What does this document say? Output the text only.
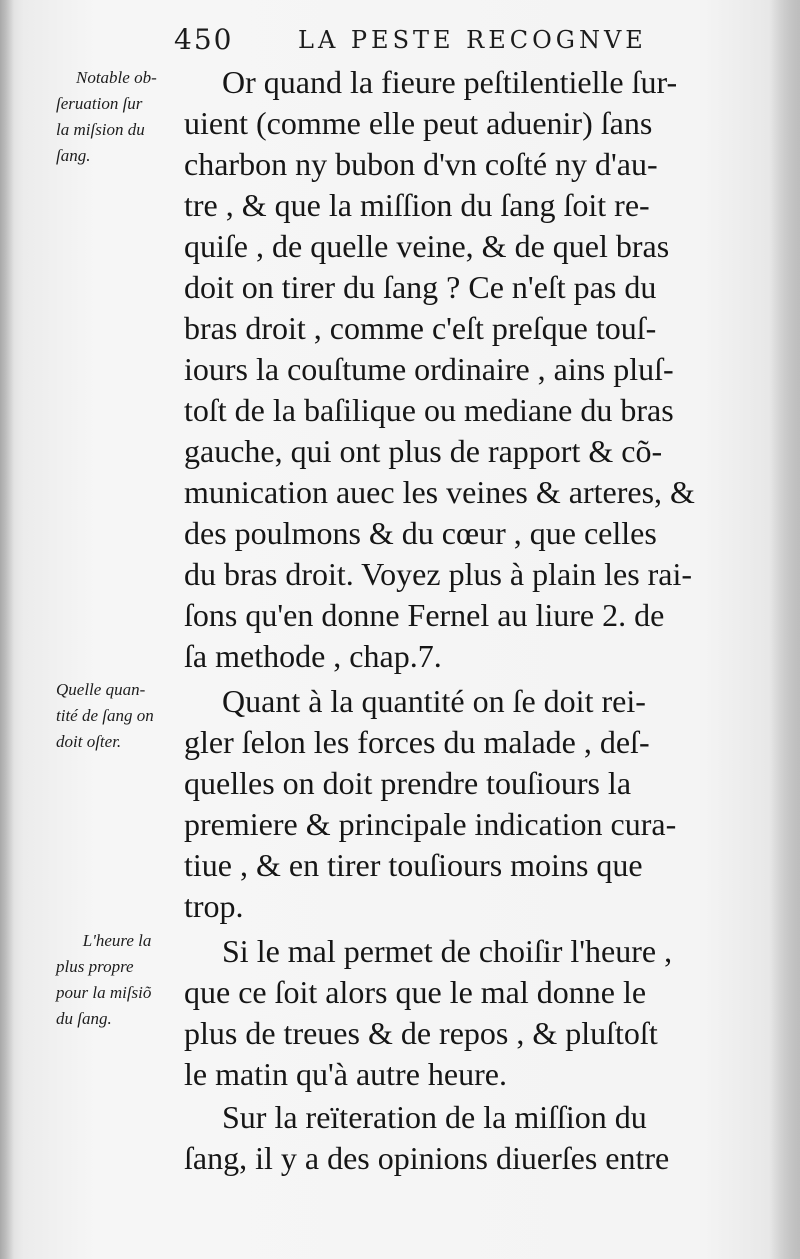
450	LA PESTE RECOGNVE
Notable ob-
ſeruation ſur
la miſsion du
ſang.
Quelle quan-
tité de ſang on
doit oſter.
L'heure la
plus propre
pour la miſsiõ
du ſang.
Or quand la fieure peſtilentielle ſur-
uient (comme elle peut aduenir) ſans
charbon ny bubon d'vn coſté ny d'au-
tre , & que la miſſion du ſang ſoit re-
quiſe , de quelle veine, & de quel bras
doit on tirer du ſang ? Ce n'eſt pas du
bras droit , comme c'eſt preſque touſ-
iours la couſtume ordinaire , ains pluſ-
toſt de la baſilique ou mediane du bras
gauche, qui ont plus de rapport & cõ-
munication auec les veines & arteres, &
des poulmons & du cœur , que celles
du bras droit. Voyez plus à plain les rai-
ſons qu'en donne Fernel au liure 2. de
ſa methode , chap.7.
Quant à la quantité on ſe doit rei-
gler ſelon les forces du malade , deſ-
quelles on doit prendre touſiours la
premiere & principale indication cura-
tiue , & en tirer touſiours moins que
trop.
Si le mal permet de choiſir l'heure ,
que ce ſoit alors que le mal donne le
plus de treues & de repos , & pluſtoſt
le matin qu'à autre heure.
Sur la reïteration de la miſſion du
ſang, il y a des opinions diuerſes entre
